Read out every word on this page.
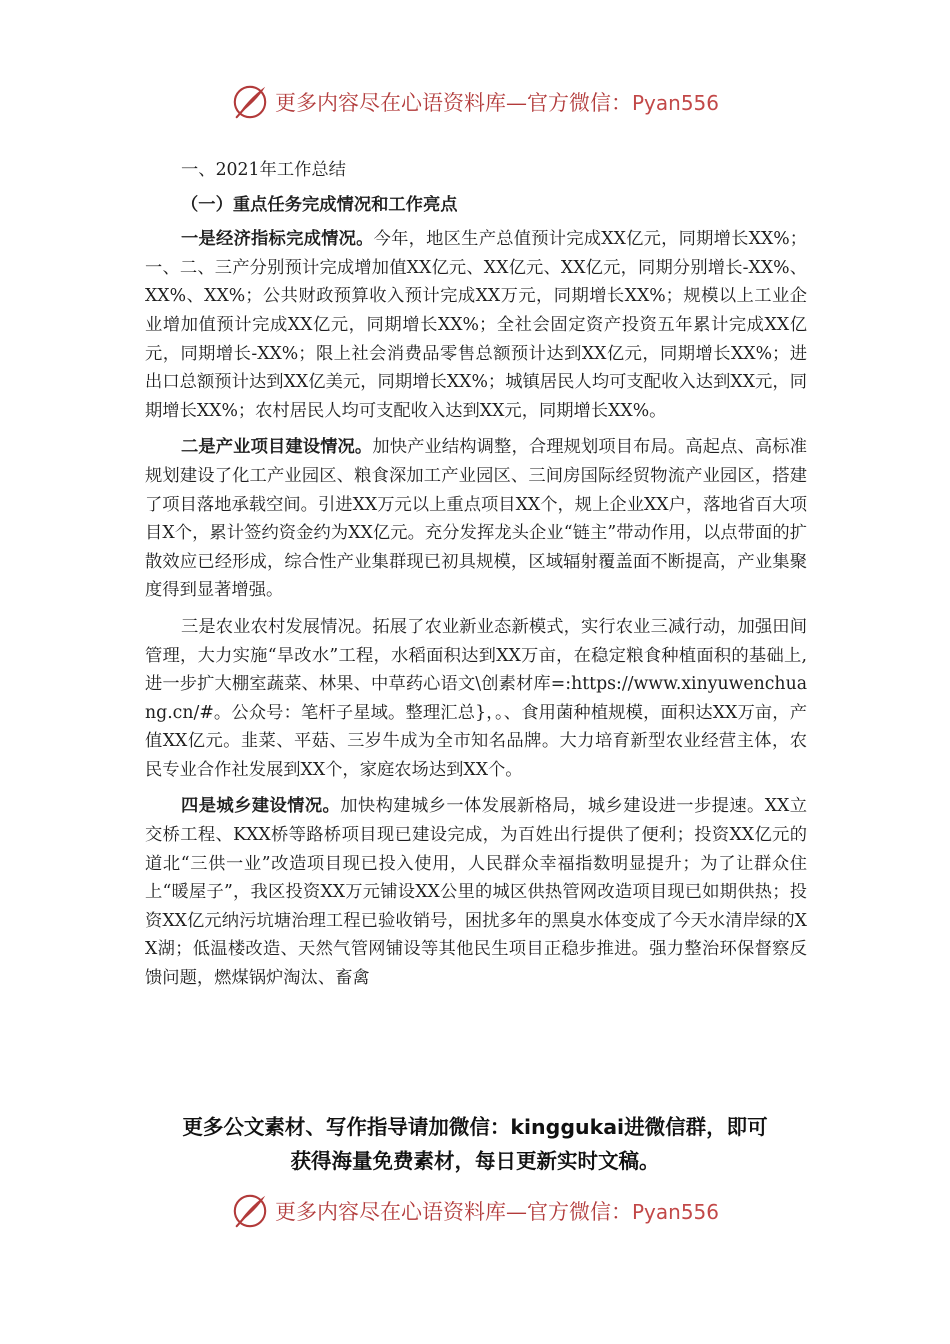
更多内容尽在心语资料库—官方微信：Pyan556
一、2021年工作总结
（一）重点任务完成情况和工作亮点

一是经济指标完成情况。今年，地区生产总值预计完成XX亿元，同期增长XX%；一、二、三产分别预计完成增加值XX亿元、XX亿元、XX亿元，同期分别增长-XX%、XX%、XX%；公共财政预算收入预计完成XX万元，同期增长XX%；规模以上工业企业增加值预计完成XX亿元，同期增长XX%；全社会固定资产投资五年累计完成XX亿元，同期增长-XX%；限上社会消费品零售总额预计达到XX亿元，同期增长XX%；进出口总额预计达到XX亿美元，同期增长XX%；城镇居民人均可支配收入达到XX元，同期增长XX%；农村居民人均可支配收入达到XX元，同期增长XX%。

二是产业项目建设情况。加快产业结构调整，合理规划项目布局。高起点、高标准规划建设了化工产业园区、粮食深加工产业园区、三间房国际经贸物流产业园区，搭建了项目落地承载空间。引进XX万元以上重点项目XX个，规上企业XX户，落地省百大项目X个，累计签约资金约为XX亿元。充分发挥龙头企业“链主”带动作用，以点带面的扩散效应已经形成，综合性产业集群现已初具规模，区域辐射覆盖面不断提高，产业集聚度得到显著增强。

三是农业农村发展情况。拓展了农业新业态新模式，实行农业三减行动，加强田间管理，大力实施“旱改水”工程，水稻面积达到XX万亩，在稳定粮食种植面积的基础上,进一步扩大棚室蔬菜、林果、中草药心语文\创素材库=:https://www.xinyuwenchuang.cn/#。公众号：笔杆子星域。整理汇总}，。、食用菌种植规模，面积达XX万亩，产值XX亿元。韭菜、平菇、三岁牛成为全市知名品牌。大力培育新型农业经营主体，农民专业合作社发展到XX个，家庭农场达到XX个。

四是城乡建设情况。加快构建城乡一体发展新格局，城乡建设进一步提速。XX立交桥工程、KXX桥等路桥项目现已建设完成，为百姓出行提供了便利；投资XX亿元的道北“三供一业”改造项目现已投入使用，人民群众幸福指数明显提升；为了让群众住上“暖屋子”，我区投资XX万元铺设XX公里的城区供热管网改造项目现已如期供热；投资XX亿元纳污坑塘治理工程已验收销号，困扰多年的黑臭水体变成了今天水清岸绿的XX湖；低温楼改造、天然气管网铺设等其他民生项目正稳步推进。强力整治环保督察反馈问题，燃煤锅炉淘汰、畜禽

更多公文素材、写作指导请加微信：kinggukai进微信群，即可
获得海量免费素材，每日更新实时文稿。
更多内容尽在心语资料库—官方微信：Pyan556
